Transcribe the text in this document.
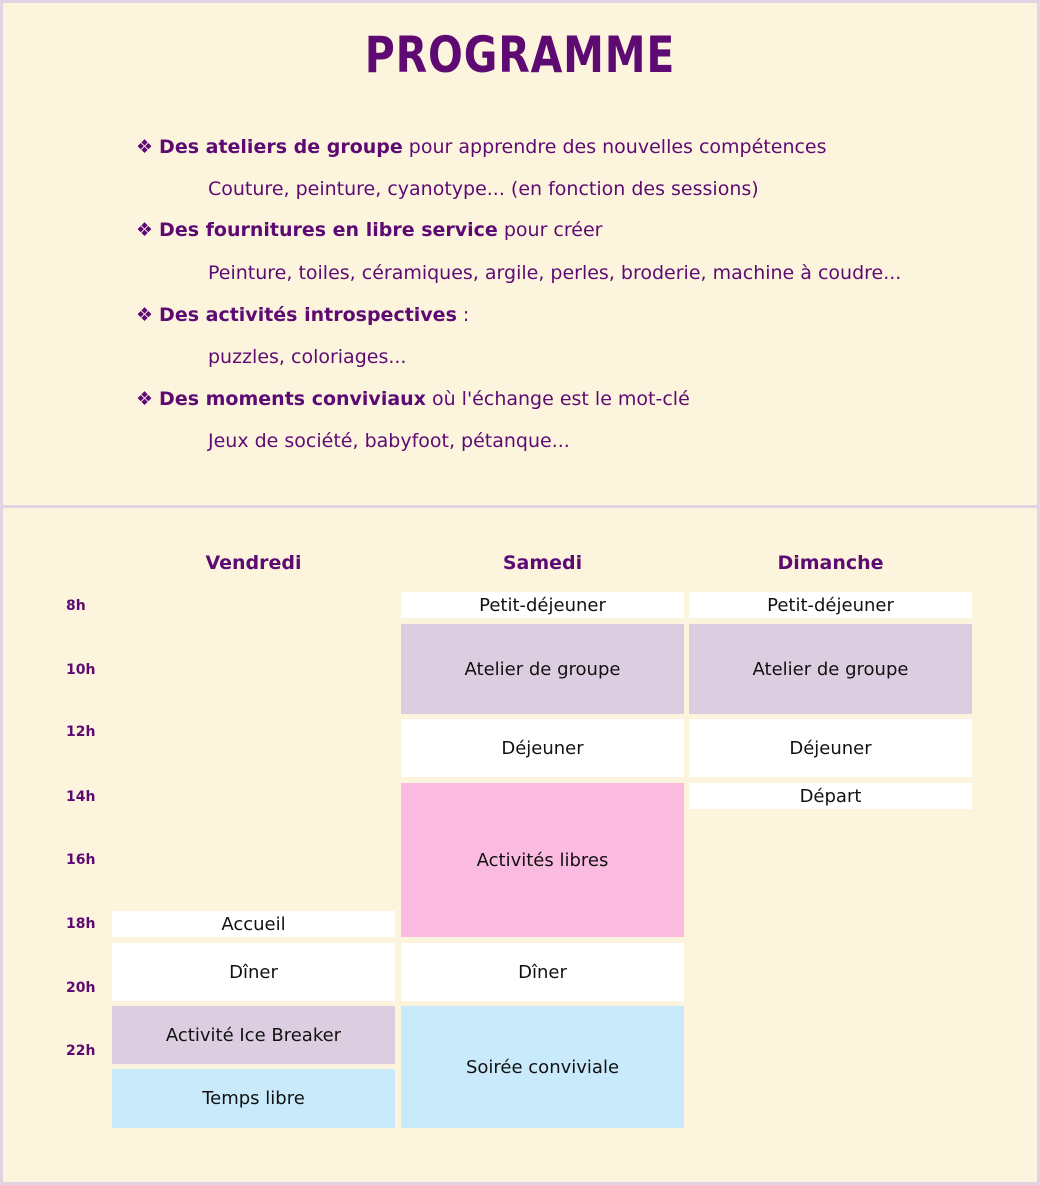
PROGRAMME
❖ Des ateliers de groupe pour apprendre des nouvelles compétences
Couture, peinture, cyanotype... (en fonction des sessions)
❖ Des fournitures en libre service pour créer
Peinture, toiles, céramiques, argile, perles, broderie, machine à coudre...
❖ Des activités introspectives :
puzzles, coloriages...
❖ Des moments conviviaux où l'échange est le mot-clé
Jeux de société, babyfoot, pétanque...
Vendredi	Samedi	Dimanche
8h
10h
12h
14h
16h
18h
20h
22h
Accueil
Dîner
Activité Ice Breaker
Temps libre
Petit-déjeuner
Atelier de groupe
Déjeuner
Activités libres
Dîner
Soirée conviviale
Petit-déjeuner
Atelier de groupe
Déjeuner
Départ
